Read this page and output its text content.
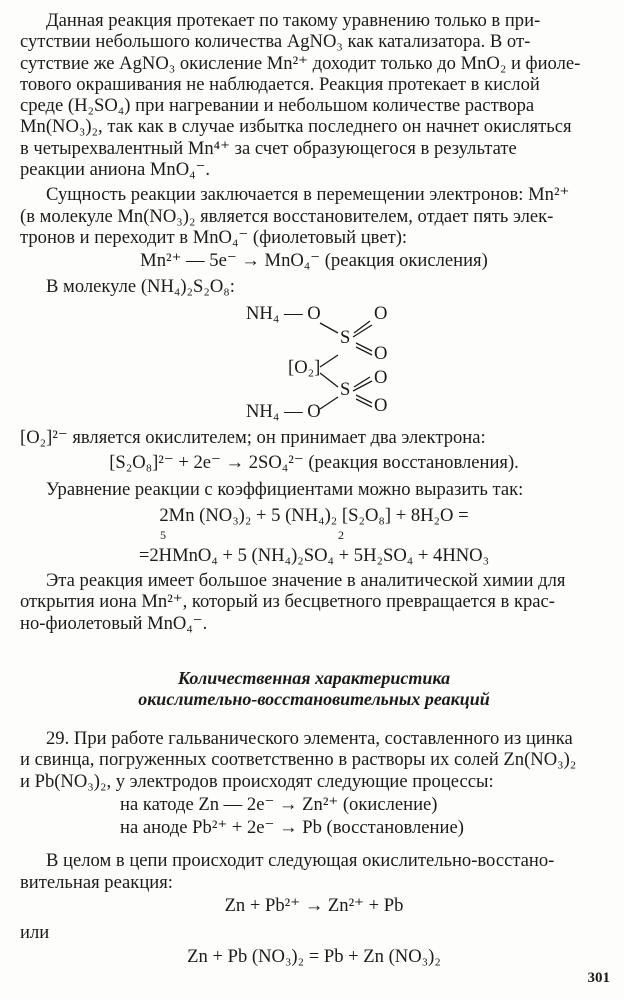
Данная реакция протекает по такому уравнению только в при-

сутствии небольшого количества AgNO₃ как катализатора. В от-

сутствие же AgNO₃ окисление Mn²⁺ доходит только до MnO₂ и фиоле-

тового окрашивания не наблюдается. Реакция протекает в кислой

среде (H₂SO₄) при нагревании и небольшом количестве раствора

Mn(NO₃)₂, так как в случае избытка последнего он начнет окисляться

в четырехвалентный Mn⁴⁺ за счет образующегося в результате

реакции аниона MnO₄⁻.

Сущность реакции заключается в перемещении электронов: Mn²⁺

(в молекуле Mn(NO₃)₂ является восстановителем, отдает пять элек-

тронов и переходит в MnO₄⁻ (фиолетовый цвет):

Mn²⁺ — 5e⁻ → MnO₄⁻ (реакция окисления)

В молекуле (NH₄)₂S₂O₈:

NH₄ — O	O
S
O
[O₂]	O
S
O
NH₄ — O

[O₂]²⁻ является окислителем; он принимает два электрона:

[S₂O₈]²⁻ + 2e⁻ → 2SO₄²⁻ (реакция восстановления).

Уравнение реакции с коэффициентами можно выразить так:

2Mn (NO₃)₂ + 5 (NH₄)₂ [S₂O₈] + 8H₂O =

5	2

=2HMnO₄ + 5 (NH₄)₂SO₄ + 5H₂SO₄ + 4HNO₃

Эта реакция имеет большое значение в аналитической химии для

открытия иона Mn²⁺, который из бесцветного превращается в крас-

но-фиолетовый MnO₄⁻.

Количественная характеристика

окислительно-восстановительных реакций

29. При работе гальванического элемента, составленного из цинка

и свинца, погруженных соответственно в растворы их солей Zn(NO₃)₂

и Pb(NO₃)₂, у электродов происходят следующие процессы:

на катоде Zn — 2e⁻ → Zn²⁺ (окисление)

на аноде Pb²⁺ + 2e⁻ → Pb (восстановление)

В целом в цепи происходит следующая окислительно-восстано-

вительная реакция:

Zn + Pb²⁺ → Zn²⁺ + Pb

или

Zn + Pb (NO₃)₂ = Pb + Zn (NO₃)₂

301
